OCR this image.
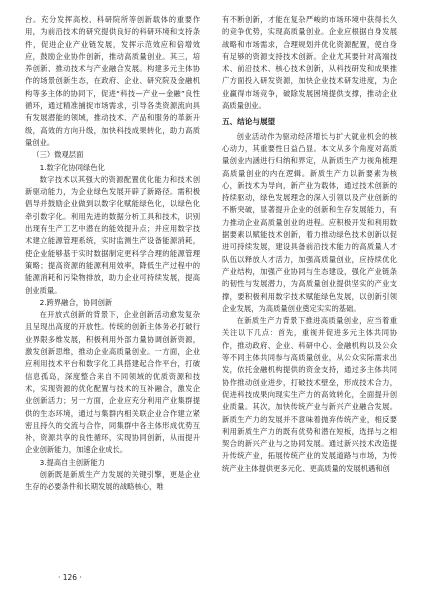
台。充分发挥高校、科研院所等创新载体的重要作用，为前沿技术的研究提供良好的科研环境和支持条件，促进企业产业链发展，发挥示范效应和倍增效应，鼓励企业协作创新，推动高质量创业。其三，培养创新、推动技术与产业融合发展。构建多元主体协作的场景创新生态，在政府、企业、研究院及金融机构等多主体的协同下，促进“科技—产业—金融”良性循环，通过精准捕捉市场需求，引导各类资源流向具有发展潜能的领域，推动技术、产品和服务的革新升级，高效的方向升级，加快科技成果转化，助力高质量创业。

（三）微观层面
1.数字化协同绿色化

数字技术以其强大的资源配置优化能力和技术创新驱动能力，为企业绿色发展开辟了新路径。需积极倡导并鼓励企业做到以数字化赋能绿色化，以绿色化牵引数字化。利用先进的数据分析工具和技术，识别出现有生产工艺中潜在的能效提升点；并应用数字技术建立能源管理系统，实时监测生产设备能源消耗，使企业能够基于实时数据制定更科学合理的能源管理策略；提高资源的能源利用效率，降低生产过程中的能源消耗和污染物排放，助力企业可持续发展，提高创业质量。

2.跨界融合，协同创新

在开放式创新的背景下，企业创新活动愈发复杂且呈现出高度的开放性。传统的创新主体务必打破行业界限多维发展，积极利用外部力量协调创新资源，激发创新思维，推动企业高质量创业。一方面，企业应利用技术平台和数字化工具搭建起合作平台，打破信息孤岛，深度整合来自不同领域的优质资源和技术，实现资源的优化配置与技术的互补融合，激发企业创新活力；另一方面，企业应充分利用产业集群提供的生态环境，通过与集群内相关联企业合作建立紧密且持久的交流与合作，同集群中各主体形成优势互补，资源共享的良性循环，实现协同创新，从而提升企业创新能力，加速企业成长。

3.提高自主创新能力

创新既是新质生产力发展的关键引擎，更是企业生存的必要条件和长期发展的战略核心，唯

有不断创新，才能在复杂严峻的市场环境中获得长久的竞争优势，实现高质量创业。企业应根据自身发展战略和市场需求，合理规划并优化资源配置，使自身有足够的资源支持技术创新。企业尤其要针对高端技术、前沿技术、核心技术创新，从科技研发和成果推广方面投入研发资源，加快企业技术研发进度，为企业赢得市场竞争，破除发展困境提供支撑，推动企业高质量创业。

五、结论与展望

创业活动作为驱动经济增长与扩大就业机会的核心动力，其重要性日益凸显。本文从多个角度对高质量创业内涵进行归纳和界定，从新质生产力视角梳理高质量创业的内在逻辑。新质生产力以新要素为核心，新技术为导向，新产业为载体，通过技术创新的持续驱动，绿色发展理念的深入引领以及产业创新的不断突破，显著提升企业的创新和生存发展能力，有力推动企业高质量创业的进程。应积极开发和利用数据要素以赋能技术创新，着力推动绿色技术创新以促进可持续发展，建设具备前沿技术能力的高质量人才队伍以释放人才活力，加强高质量创业，应持续优化产业结构，加强产业协同与生态建设，强化产业链条的韧性与发展潜力，为高质量创业提供坚实的产业支撑，要积极利用数字技术赋能绿色发展，以创新引领企业发展，为高质量创业奠定实实的基础。

在新质生产力背景下推进高质量创业，应当着重关注以下几点：首先，重视并促进多元主体共同协作，推动政府、企业、科研中心、金融机构以及公众等不同主体共同参与高质量创业，从公众实际需求出发，依托金融机构提供的资金支持，通过多主体共同协作推动创业进步，打破技术壁垒，形成技术合力，促进科技成果向现实生产力的高效转化，全面提升创业质量。其次，加快传统产业与新兴产业融合发展。新质生产力的发展并不意味着抛弃传统产业，相反要利用新质生产力的既有优势和潜在短板，选择与之相契合的新兴产业与之协同发展。通过新兴技术改造提升传统产业，拓展传统产业的发展道路与市场，为传统产业主体提供更多元化、更高质量的发展机遇和创

· 126 ·
